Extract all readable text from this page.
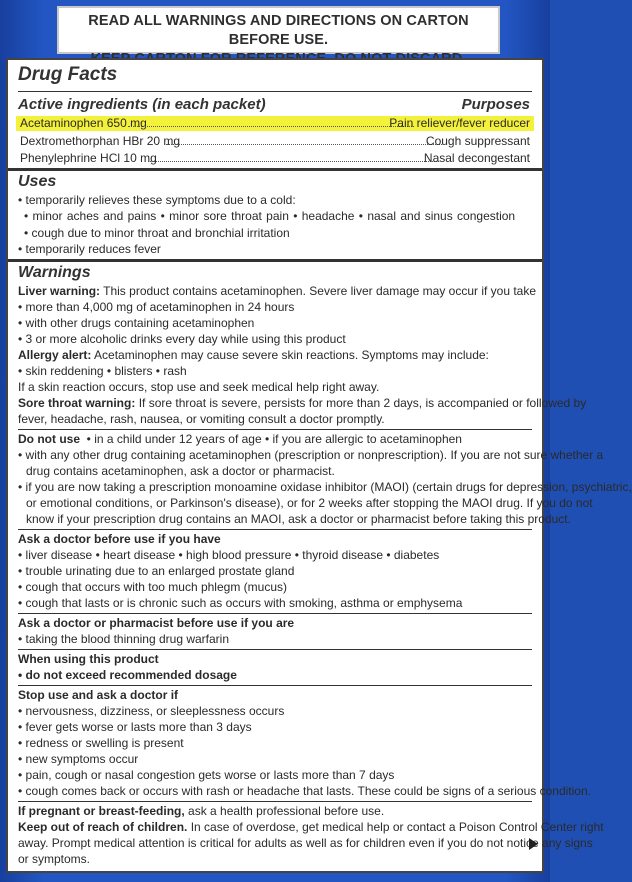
READ ALL WARNINGS AND DIRECTIONS ON CARTON BEFORE USE.
Drug Facts
Active ingredients (in each packet)	Purposes
Acetaminophen 650 mg	Pain reliever/fever reducer
Dextromethorphan HBr 20 mg	Cough suppressant
Phenylephrine HCl 10 mg	Nasal decongestant
Uses
• temporarily relieves these symptoms due to a cold:
• minor aches and pains • minor sore throat pain • headache • nasal and sinus congestion
• cough due to minor throat and bronchial irritation
• temporarily reduces fever
Warnings
Liver warning: This product contains acetaminophen. Severe liver damage may occur if you take
• more than 4,000 mg of acetaminophen in 24 hours
• with other drugs containing acetaminophen
• 3 or more alcoholic drinks every day while using this product
Allergy alert: Acetaminophen may cause severe skin reactions. Symptoms may include:
• skin reddening • blisters • rash
If a skin reaction occurs, stop use and seek medical help right away.
Sore throat warning: If sore throat is severe, persists for more than 2 days, is accompanied or followed by
fever, headache, rash, nausea, or vomiting consult a doctor promptly.
Do not use • in a child under 12 years of age • if you are allergic to acetaminophen
• with any other drug containing acetaminophen (prescription or nonprescription). If you are not sure whether a
drug contains acetaminophen, ask a doctor or pharmacist.
• if you are now taking a prescription monoamine oxidase inhibitor (MAOI) (certain drugs for depression, psychiatric,
or emotional conditions, or Parkinson's disease), or for 2 weeks after stopping the MAOI drug. If you do not
know if your prescription drug contains an MAOI, ask a doctor or pharmacist before taking this product.
Ask a doctor before use if you have
• liver disease • heart disease • high blood pressure • thyroid disease • diabetes
• trouble urinating due to an enlarged prostate gland
• cough that occurs with too much phlegm (mucus)
• cough that lasts or is chronic such as occurs with smoking, asthma or emphysema
Ask a doctor or pharmacist before use if you are
• taking the blood thinning drug warfarin
When using this product
• do not exceed recommended dosage
Stop use and ask a doctor if
• nervousness, dizziness, or sleeplessness occurs
• fever gets worse or lasts more than 3 days
• redness or swelling is present
• new symptoms occur
• pain, cough or nasal congestion gets worse or lasts more than 7 days
• cough comes back or occurs with rash or headache that lasts. These could be signs of a serious condition.
If pregnant or breast-feeding, ask a health professional before use.
Keep out of reach of children. In case of overdose, get medical help or contact a Poison Control Center right
away. Prompt medical attention is critical for adults as well as for children even if you do not notice any signs
or symptoms.
